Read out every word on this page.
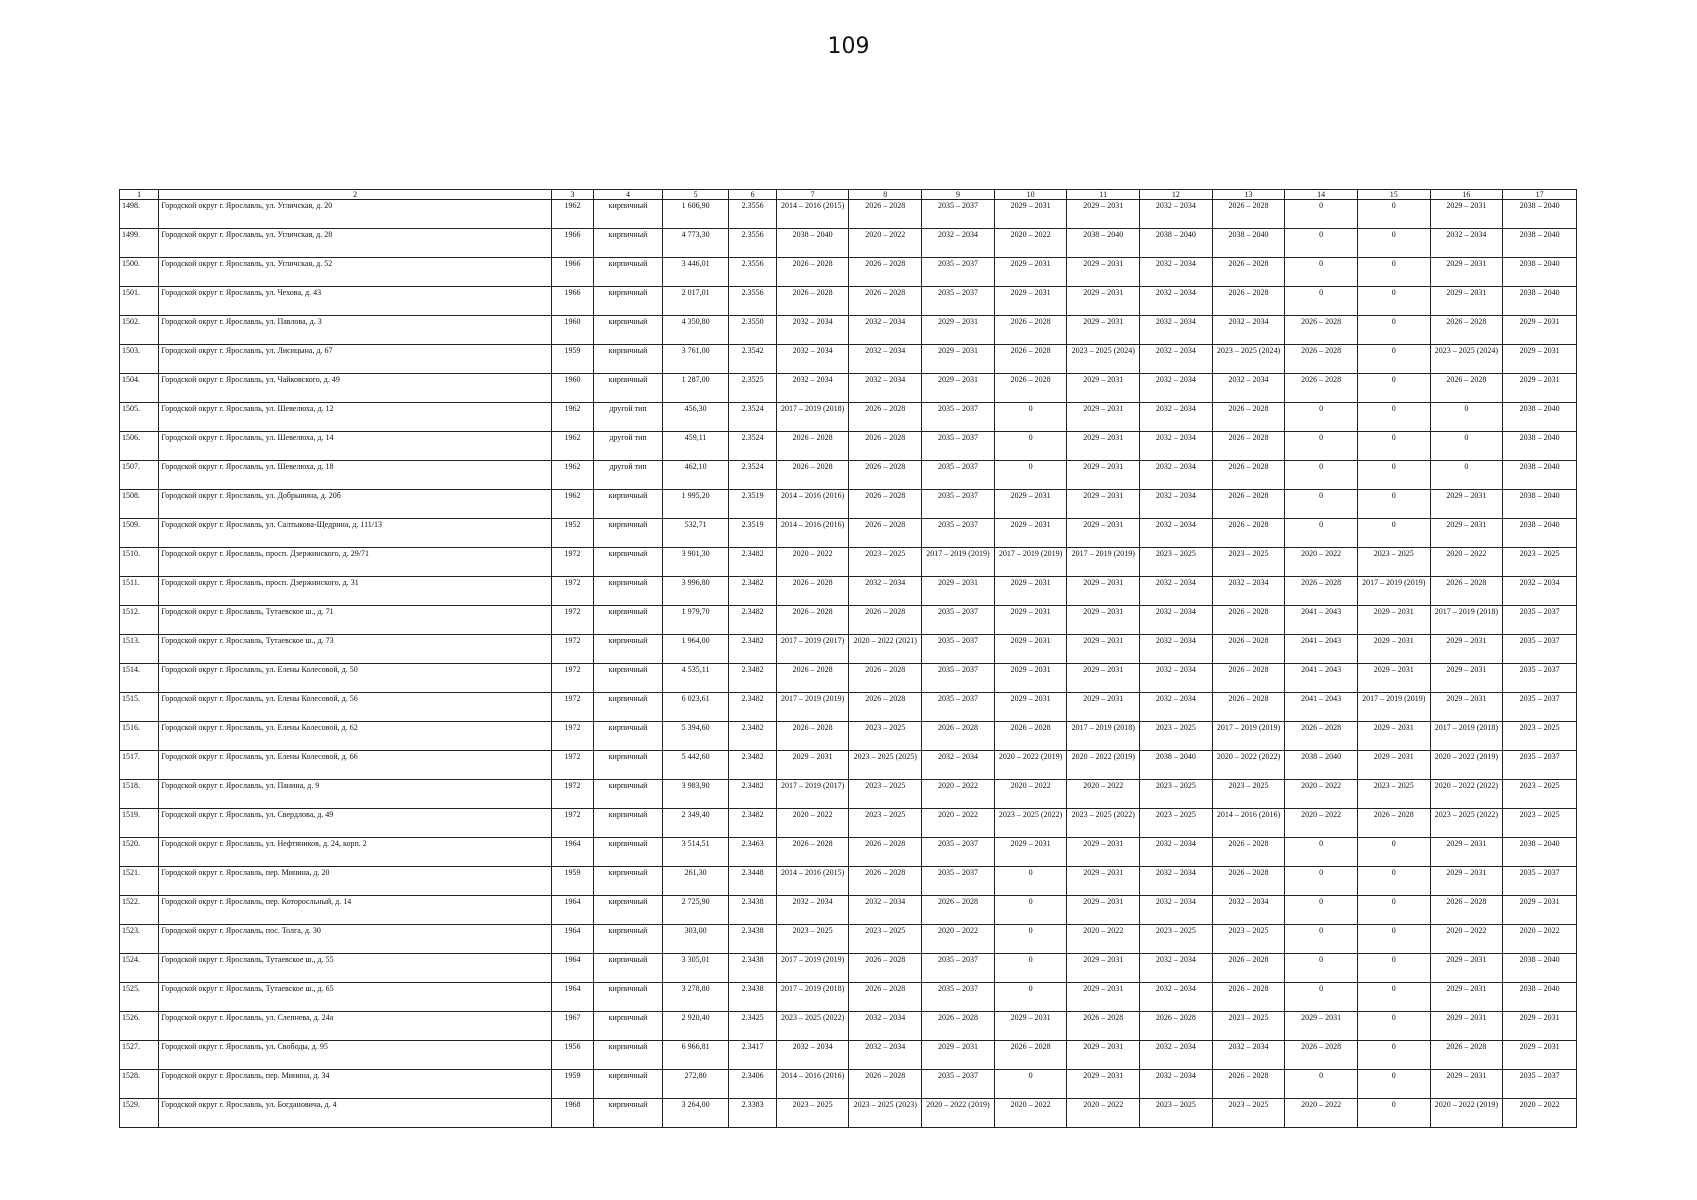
109
1	2	3	4	5	6	7	8	9	10	11	12	13	14	15	16	17
1498.	Городской округ г. Ярославль, ул. Угличская, д. 20	1962	кирпичный	1 606,90	2.3556	2014 – 2016 (2015)	2026 – 2028	2035 – 2037	2029 – 2031	2029 – 2031	2032 – 2034	2026 – 2028	0	0	2029 – 2031	2038 – 2040
1499.	Городской округ г. Ярославль, ул. Угличская, д. 28	1966	кирпичный	4 773,30	2.3556	2038 – 2040	2020 – 2022	2032 – 2034	2020 – 2022	2038 – 2040	2038 – 2040	2038 – 2040	0	0	2032 – 2034	2038 – 2040
1500.	Городской округ г. Ярославль, ул. Угличская, д. 52	1966	кирпичный	3 446,01	2.3556	2026 – 2028	2026 – 2028	2035 – 2037	2029 – 2031	2029 – 2031	2032 – 2034	2026 – 2028	0	0	2029 – 2031	2038 – 2040
1501.	Городской округ г. Ярославль, ул. Чехова, д. 43	1966	кирпичный	2 017,01	2.3556	2026 – 2028	2026 – 2028	2035 – 2037	2029 – 2031	2029 – 2031	2032 – 2034	2026 – 2028	0	0	2029 – 2031	2038 – 2040
1502.	Городской округ г. Ярославль, ул. Павлова, д. 3	1960	кирпичный	4 350,80	2.3550	2032 – 2034	2032 – 2034	2029 – 2031	2026 – 2028	2029 – 2031	2032 – 2034	2032 – 2034	2026 – 2028	0	2026 – 2028	2029 – 2031
1503.	Городской округ г. Ярославль, ул. Лисицына, д. 67	1959	кирпичный	3 761,00	2.3542	2032 – 2034	2032 – 2034	2029 – 2031	2026 – 2028	2023 – 2025 (2024)	2032 – 2034	2023 – 2025 (2024)	2026 – 2028	0	2023 – 2025 (2024)	2029 – 2031
1504.	Городской округ г. Ярославль, ул. Чайковского, д. 49	1960	кирпичный	1 287,00	2.3525	2032 – 2034	2032 – 2034	2029 – 2031	2026 – 2028	2029 – 2031	2032 – 2034	2032 – 2034	2026 – 2028	0	2026 – 2028	2029 – 2031
1505.	Городской округ г. Ярославль, ул. Шевелюха, д. 12	1962	другой тип	456,30	2.3524	2017 – 2019 (2018)	2026 – 2028	2035 – 2037	0	2029 – 2031	2032 – 2034	2026 – 2028	0	0	0	2038 – 2040
1506.	Городской округ г. Ярославль, ул. Шевелюха, д. 14	1962	другой тип	459,11	2.3524	2026 – 2028	2026 – 2028	2035 – 2037	0	2029 – 2031	2032 – 2034	2026 – 2028	0	0	0	2038 – 2040
1507.	Городской округ г. Ярославль, ул. Шевелюха, д. 18	1962	другой тип	462,10	2.3524	2026 – 2028	2026 – 2028	2035 – 2037	0	2029 – 2031	2032 – 2034	2026 – 2028	0	0	0	2038 – 2040
1508.	Городской округ г. Ярославль, ул. Добрынина, д. 20б	1962	кирпичный	1 995,20	2.3519	2014 – 2016 (2016)	2026 – 2028	2035 – 2037	2029 – 2031	2029 – 2031	2032 – 2034	2026 – 2028	0	0	2029 – 2031	2038 – 2040
1509.	Городской округ г. Ярославль, ул. Салтыкова-Щедрина, д. 111/13	1952	кирпичный	532,71	2.3519	2014 – 2016 (2016)	2026 – 2028	2035 – 2037	2029 – 2031	2029 – 2031	2032 – 2034	2026 – 2028	0	0	2029 – 2031	2038 – 2040
1510.	Городской округ г. Ярославль, просп. Дзержинского, д. 29/71	1972	кирпичный	3 901,30	2.3482	2020 – 2022	2023 – 2025	2017 – 2019 (2019)	2017 – 2019 (2019)	2017 – 2019 (2019)	2023 – 2025	2023 – 2025	2020 – 2022	2023 – 2025	2020 – 2022	2023 – 2025
1511.	Городской округ г. Ярославль, просп. Дзержинского, д. 31	1972	кирпичный	3 996,80	2.3482	2026 – 2028	2032 – 2034	2029 – 2031	2029 – 2031	2029 – 2031	2032 – 2034	2032 – 2034	2026 – 2028	2017 – 2019 (2019)	2026 – 2028	2032 – 2034
1512.	Городской округ г. Ярославль, Тутаевское ш., д. 71	1972	кирпичный	1 979,70	2.3482	2026 – 2028	2026 – 2028	2035 – 2037	2029 – 2031	2029 – 2031	2032 – 2034	2026 – 2028	2041 – 2043	2029 – 2031	2017 – 2019 (2018)	2035 – 2037
1513.	Городской округ г. Ярославль, Тутаевское ш., д. 73	1972	кирпичный	1 964,00	2.3482	2017 – 2019 (2017)	2020 – 2022 (2021)	2035 – 2037	2029 – 2031	2029 – 2031	2032 – 2034	2026 – 2028	2041 – 2043	2029 – 2031	2029 – 2031	2035 – 2037
1514.	Городской округ г. Ярославль, ул. Елены Колесовой, д. 50	1972	кирпичный	4 535,11	2.3482	2026 – 2028	2026 – 2028	2035 – 2037	2029 – 2031	2029 – 2031	2032 – 2034	2026 – 2028	2041 – 2043	2029 – 2031	2029 – 2031	2035 – 2037
1515.	Городской округ г. Ярославль, ул. Елены Колесовой, д. 56	1972	кирпичный	6 023,61	2.3482	2017 – 2019 (2019)	2026 – 2028	2035 – 2037	2029 – 2031	2029 – 2031	2032 – 2034	2026 – 2028	2041 – 2043	2017 – 2019 (2019)	2029 – 2031	2035 – 2037
1516.	Городской округ г. Ярославль, ул. Елены Колесовой, д. 62	1972	кирпичный	5 394,60	2.3482	2026 – 2028	2023 – 2025	2026 – 2028	2026 – 2028	2017 – 2019 (2018)	2023 – 2025	2017 – 2019 (2019)	2026 – 2028	2029 – 2031	2017 – 2019 (2018)	2023 – 2025
1517.	Городской округ г. Ярославль, ул. Елены Колесовой, д. 66	1972	кирпичный	5 442,60	2.3482	2029 – 2031	2023 – 2025 (2025)	2032 – 2034	2020 – 2022 (2019)	2020 – 2022 (2019)	2038 – 2040	2020 – 2022 (2022)	2038 – 2040	2029 – 2031	2020 – 2022 (2019)	2035 – 2037
1518.	Городской округ г. Ярославль, ул. Панина, д. 9	1972	кирпичный	3 983,90	2.3482	2017 – 2019 (2017)	2023 – 2025	2020 – 2022	2020 – 2022	2020 – 2022	2023 – 2025	2023 – 2025	2020 – 2022	2023 – 2025	2020 – 2022 (2022)	2023 – 2025
1519.	Городской округ г. Ярославль, ул. Свердлова, д. 49	1972	кирпичный	2 349,40	2.3482	2020 – 2022	2023 – 2025	2020 – 2022	2023 – 2025 (2022)	2023 – 2025 (2022)	2023 – 2025	2014 – 2016 (2016)	2020 – 2022	2026 – 2028	2023 – 2025 (2022)	2023 – 2025
1520.	Городской округ г. Ярославль, ул. Нефтяников, д. 24, корп. 2	1964	кирпичный	3 514,51	2.3463	2026 – 2028	2026 – 2028	2035 – 2037	2029 – 2031	2029 – 2031	2032 – 2034	2026 – 2028	0	0	2029 – 2031	2038 – 2040
1521.	Городской округ г. Ярославль, пер. Минина, д. 20	1959	кирпичный	261,30	2.3448	2014 – 2016 (2015)	2026 – 2028	2035 – 2037	0	2029 – 2031	2032 – 2034	2026 – 2028	0	0	2029 – 2031	2035 – 2037
1522.	Городской округ г. Ярославль, пер. Которосльный, д. 14	1964	кирпичный	2 725,90	2.3438	2032 – 2034	2032 – 2034	2026 – 2028	0	2029 – 2031	2032 – 2034	2032 – 2034	0	0	2026 – 2028	2029 – 2031
1523.	Городской округ г. Ярославль, пос. Толга, д. 30	1964	кирпичный	303,00	2.3438	2023 – 2025	2023 – 2025	2020 – 2022	0	2020 – 2022	2023 – 2025	2023 – 2025	0	0	2020 – 2022	2020 – 2022
1524.	Городской округ г. Ярославль, Тутаевское ш., д. 55	1964	кирпичный	3 305,01	2.3438	2017 – 2019 (2019)	2026 – 2028	2035 – 2037	0	2029 – 2031	2032 – 2034	2026 – 2028	0	0	2029 – 2031	2038 – 2040
1525.	Городской округ г. Ярославль, Тутаевское ш., д. 65	1964	кирпичный	3 278,80	2.3438	2017 – 2019 (2018)	2026 – 2028	2035 – 2037	0	2029 – 2031	2032 – 2034	2026 – 2028	0	0	2029 – 2031	2038 – 2040
1526.	Городской округ г. Ярославль, ул. Слепнева, д. 24а	1967	кирпичный	2 920,40	2.3425	2023 – 2025 (2022)	2032 – 2034	2026 – 2028	2029 – 2031	2026 – 2028	2026 – 2028	2023 – 2025	2029 – 2031	0	2029 – 2031	2029 – 2031
1527.	Городской округ г. Ярославль, ул. Свободы, д. 95	1956	кирпичный	6 966,81	2.3417	2032 – 2034	2032 – 2034	2029 – 2031	2026 – 2028	2029 – 2031	2032 – 2034	2032 – 2034	2026 – 2028	0	2026 – 2028	2029 – 2031
1528.	Городской округ г. Ярославль, пер. Минина, д. 34	1959	кирпичный	272,80	2.3406	2014 – 2016 (2016)	2026 – 2028	2035 – 2037	0	2029 – 2031	2032 – 2034	2026 – 2028	0	0	2029 – 2031	2035 – 2037
1529.	Городской округ г. Ярославль, ул. Богдановича, д. 4	1968	кирпичный	3 264,00	2.3383	2023 – 2025	2023 – 2025 (2023)	2020 – 2022 (2019)	2020 – 2022	2020 – 2022	2023 – 2025	2023 – 2025	2020 – 2022	0	2020 – 2022 (2019)	2020 – 2022
